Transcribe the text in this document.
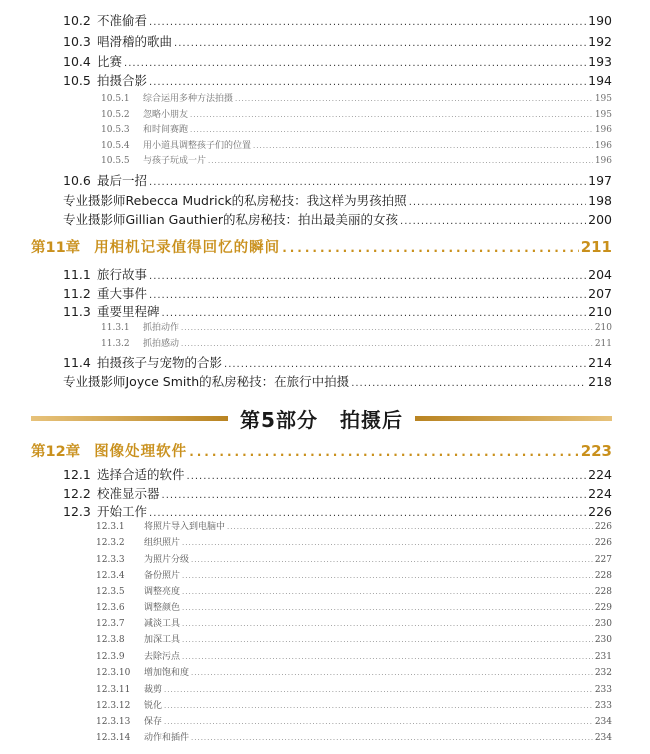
10.2 不准偷看 .....	190
10.3 唱滑稽的歌曲 .....	192
10.4 比赛 .....	193
10.5 拍摄合影 .....	194
10.5.1	综合运用多种方法拍摄 .....	195
10.5.2	忽略小朋友 .....	195
10.5.3	和时间赛跑 .....	196
10.5.4	用小道具调整孩子们的位置 .....	196
10.5.5	与孩子玩成一片 .....	196
10.6 最后一招 .....	197
专业摄影师Rebecca Mudrick的私房秘技：我这样为男孩拍照 .....	198
专业摄影师Gillian Gauthier的私房秘技：拍出最美丽的女孩 .....	200
第11章 用相机记录值得回忆的瞬间 .....	211
11.1 旅行故事 .....	204
11.2 重大事件 .....	207
11.3 重要里程碑 .....	210
11.3.1	抓拍动作 .....	210
11.3.2	抓拍感动 .....	211
11.4 拍摄孩子与宠物的合影 .....	214
专业摄影师Joyce Smith的私房秘技：在旅行中拍摄 .....	218
第5部分 拍摄后
第12章 图像处理软件 .....	223
12.1 选择合适的软件 .....	224
12.2 校准显示器 .....	224
12.3 开始工作 .....	226
12.3.1	将照片导入到电脑中 .....	226
12.3.2	组织照片 .....	226
12.3.3	为照片分级 .....	227
12.3.4	备份照片 .....	228
12.3.5	调整亮度 .....	228
12.3.6	调整颜色 .....	229
12.3.7	减淡工具 .....	230
12.3.8	加深工具 .....	230
12.3.9	去除污点 .....	231
12.3.10	增加饱和度 .....	232
12.3.11	裁剪 .....	233
12.3.12	锐化 .....	233
12.3.13	保存 .....	234
12.3.14	动作和插件 .....	234
